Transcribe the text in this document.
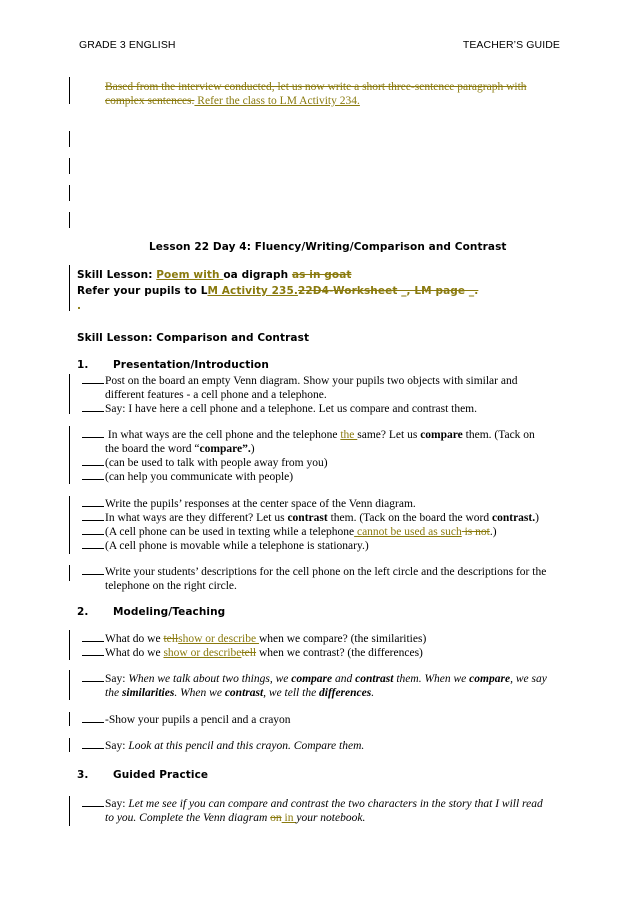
GRADE 3 ENGLISH	TEACHER’S GUIDE
Based from the interview conducted, let us now write a short three-sentence paragraph with
complex sentences. Refer the class to LM Activity 234.
Lesson 22 Day 4: Fluency/Writing/Comparison and Contrast
Skill Lesson: Poem with oa digraph as in goat
Refer your pupils to LM Activity 235.22D4-Worksheet _, LM page _.
.
Skill Lesson: Comparison and Contrast
1. Presentation/Introduction
Post on the board an empty Venn diagram. Show your pupils two objects with similar and
different features - a cell phone and a telephone.
Say: I have here a cell phone and a telephone. Let us compare and contrast them.
In what ways are the cell phone and the telephone the same? Let us compare them. (Tack on
the board the word “compare”.)
(can be used to talk with people away from you)
(can help you communicate with people)
Write the pupils’ responses at the center space of the Venn diagram.
In what ways are they different? Let us contrast them. (Tack on the board the word contrast.)
(A cell phone can be used in texting while a telephone cannot be used as such is not.)
(A cell phone is movable while a telephone is stationary.)
Write your students’ descriptions for the cell phone on the left circle and the descriptions for the
telephone on the right circle.
2. Modeling/Teaching
What do we tellshow or describe when we compare? (the similarities)
What do we show or describetell when we contrast? (the differences)
Say: When we talk about two things, we compare and contrast them. When we compare, we say
the similarities. When we contrast, we tell the differences.
-Show your pupils a pencil and a crayon
Say: Look at this pencil and this crayon. Compare them.
3. Guided Practice
Say: Let me see if you can compare and contrast the two characters in the story that I will read
to you. Complete the Venn diagram on in your notebook.
